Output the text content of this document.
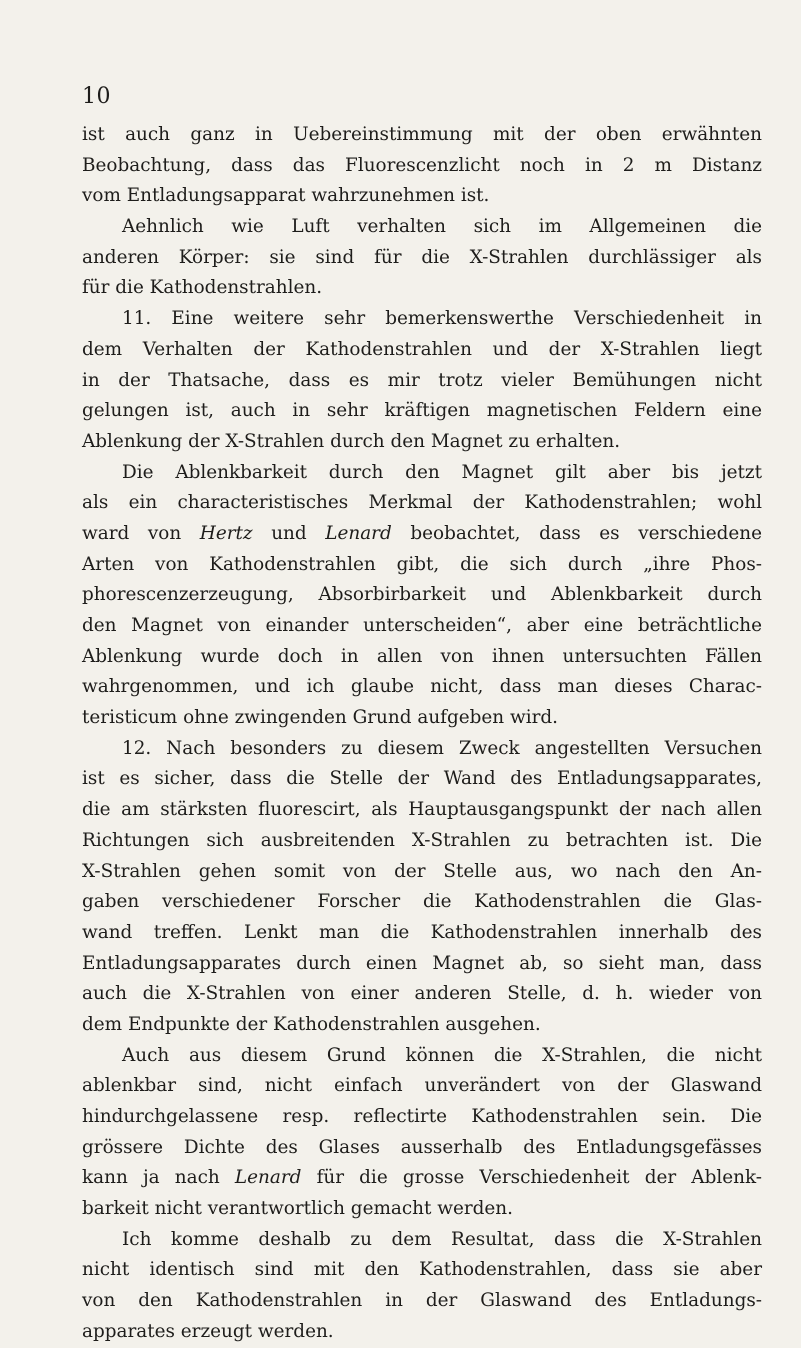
10
ist auch ganz in Uebereinstimmung mit der oben erwähnten
Beobachtung, dass das Fluorescenzlicht noch in 2 m Distanz
vom Entladungsapparat wahrzunehmen ist.
Aehnlich wie Luft verhalten sich im Allgemeinen die
anderen Körper: sie sind für die X-Strahlen durchlässiger als
für die Kathodenstrahlen.
11. Eine weitere sehr bemerkenswerthe Verschiedenheit in
dem Verhalten der Kathodenstrahlen und der X-Strahlen liegt
in der Thatsache, dass es mir trotz vieler Bemühungen nicht
gelungen ist, auch in sehr kräftigen magnetischen Feldern eine
Ablenkung der X-Strahlen durch den Magnet zu erhalten.
Die Ablenkbarkeit durch den Magnet gilt aber bis jetzt
als ein characteristisches Merkmal der Kathodenstrahlen; wohl
ward von Hertz und Lenard beobachtet, dass es verschiedene
Arten von Kathodenstrahlen gibt, die sich durch „ihre Phos-
phorescenzerzeugung, Absorbirbarkeit und Ablenkbarkeit durch
den Magnet von einander unterscheiden“, aber eine beträchtliche
Ablenkung wurde doch in allen von ihnen untersuchten Fällen
wahrgenommen, und ich glaube nicht, dass man dieses Charac-
teristicum ohne zwingenden Grund aufgeben wird.
12. Nach besonders zu diesem Zweck angestellten Versuchen
ist es sicher, dass die Stelle der Wand des Entladungsapparates,
die am stärksten fluorescirt, als Hauptausgangspunkt der nach allen
Richtungen sich ausbreitenden X-Strahlen zu betrachten ist. Die
X-Strahlen gehen somit von der Stelle aus, wo nach den An-
gaben verschiedener Forscher die Kathodenstrahlen die Glas-
wand treffen. Lenkt man die Kathodenstrahlen innerhalb des
Entladungsapparates durch einen Magnet ab, so sieht man, dass
auch die X-Strahlen von einer anderen Stelle, d. h. wieder von
dem Endpunkte der Kathodenstrahlen ausgehen.
Auch aus diesem Grund können die X-Strahlen, die nicht
ablenkbar sind, nicht einfach unverändert von der Glaswand
hindurchgelassene resp. reflectirte Kathodenstrahlen sein. Die
grössere Dichte des Glases ausserhalb des Entladungsgefässes
kann ja nach Lenard für die grosse Verschiedenheit der Ablenk-
barkeit nicht verantwortlich gemacht werden.
Ich komme deshalb zu dem Resultat, dass die X-Strahlen
nicht identisch sind mit den Kathodenstrahlen, dass sie aber
von den Kathodenstrahlen in der Glaswand des Entladungs-
apparates erzeugt werden.
